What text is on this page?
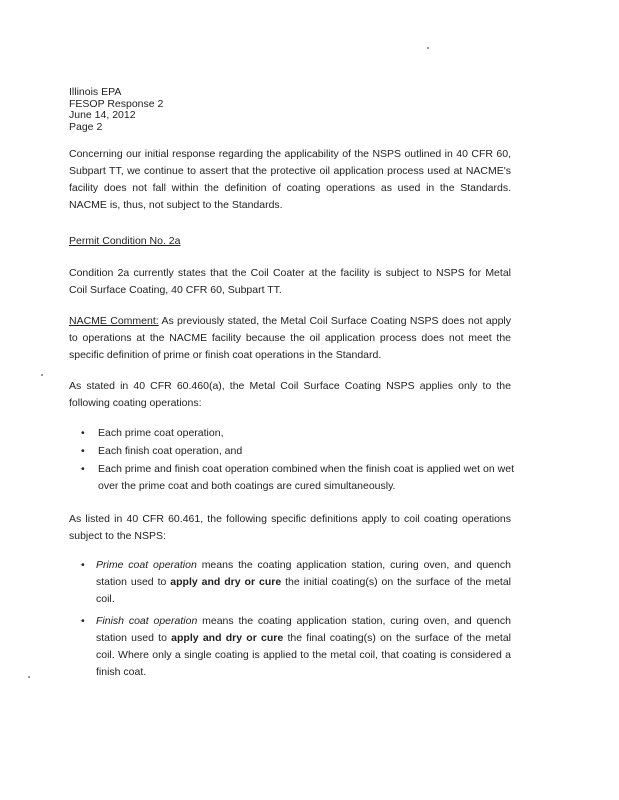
Illinois EPA
FESOP Response 2
June 14, 2012
Page 2

Concerning our initial response regarding the applicability of the NSPS outlined in 40 CFR 60, Subpart TT, we continue to assert that the protective oil application process used at NACME's facility does not fall within the definition of coating operations as used in the Standards. NACME is, thus, not subject to the Standards.

Permit Condition No. 2a

Condition 2a currently states that the Coil Coater at the facility is subject to NSPS for Metal Coil Surface Coating, 40 CFR 60, Subpart TT.

NACME Comment: As previously stated, the Metal Coil Surface Coating NSPS does not apply to operations at the NACME facility because the oil application process does not meet the specific definition of prime or finish coat operations in the Standard.

As stated in 40 CFR 60.460(a), the Metal Coil Surface Coating NSPS applies only to the following coating operations:

• Each prime coat operation,
• Each finish coat operation, and
• Each prime and finish coat operation combined when the finish coat is applied wet on wet over the prime coat and both coatings are cured simultaneously.

As listed in 40 CFR 60.461, the following specific definitions apply to coil coating operations subject to the NSPS:

• Prime coat operation means the coating application station, curing oven, and quench station used to apply and dry or cure the initial coating(s) on the surface of the metal coil.
• Finish coat operation means the coating application station, curing oven, and quench station used to apply and dry or cure the final coating(s) on the surface of the metal coil. Where only a single coating is applied to the metal coil, that coating is considered a finish coat.
